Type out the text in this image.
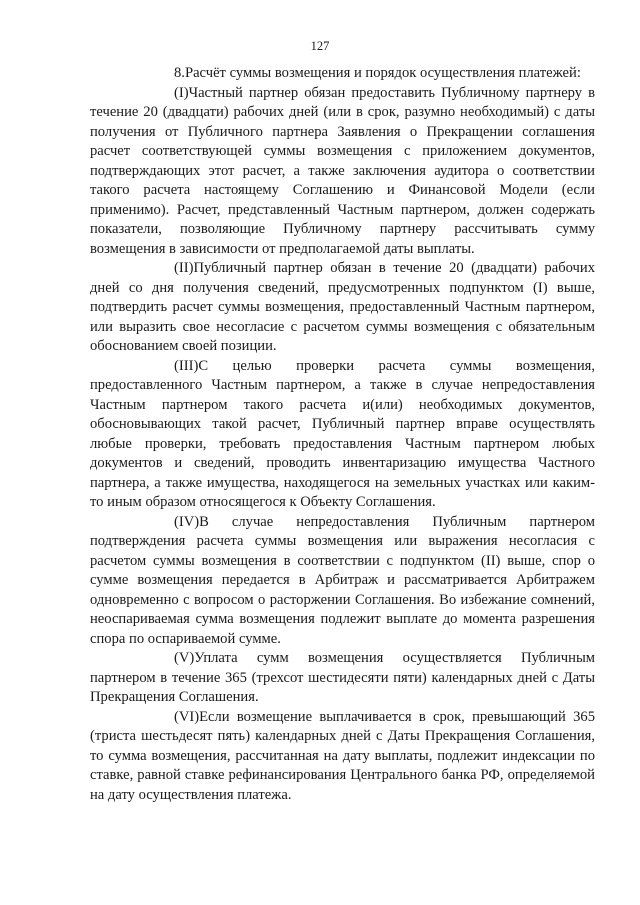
127

8.Расчёт суммы возмещения и порядок осуществления платежей:

(I)Частный партнер обязан предоставить Публичному партнеру в течение 20 (двадцати) рабочих дней (или в срок, разумно необходимый) с даты получения от Публичного партнера Заявления о Прекращении соглашения расчет соответствующей суммы возмещения с приложением документов, подтверждающих этот расчет, а также заключения аудитора о соответствии такого расчета настоящему Соглашению и Финансовой Модели (если применимо). Расчет, представленный Частным партнером, должен содержать показатели, позволяющие Публичному партнеру рассчитывать сумму возмещения в зависимости от предполагаемой даты выплаты.

(II)Публичный партнер обязан в течение 20 (двадцати) рабочих дней со дня получения сведений, предусмотренных подпунктом (I) выше, подтвердить расчет суммы возмещения, предоставленный Частным партнером, или выразить свое несогласие с расчетом суммы возмещения с обязательным обоснованием своей позиции.

(III)С целью проверки расчета суммы возмещения, предоставленного Частным партнером, а также в случае непредоставления Частным партнером такого расчета и(или) необходимых документов, обосновывающих такой расчет, Публичный партнер вправе осуществлять любые проверки, требовать предоставления Частным партнером любых документов и сведений, проводить инвентаризацию имущества Частного партнера, а также имущества, находящегося на земельных участках или каким-то иным образом относящегося к Объекту Соглашения.

(IV)В случае непредоставления Публичным партнером подтверждения расчета суммы возмещения или выражения несогласия с расчетом суммы возмещения в соответствии с подпунктом (II) выше, спор о сумме возмещения передается в Арбитраж и рассматривается Арбитражем одновременно с вопросом о расторжении Соглашения. Во избежание сомнений, неоспариваемая сумма возмещения подлежит выплате до момента разрешения спора по оспариваемой сумме.

(V)Уплата сумм возмещения осуществляется Публичным партнером в течение 365 (трехсот шестидесяти пяти) календарных дней с Даты Прекращения Соглашения.

(VI)Если возмещение выплачивается в срок, превышающий 365 (триста шестьдесят пять) календарных дней с Даты Прекращения Соглашения, то сумма возмещения, рассчитанная на дату выплаты, подлежит индексации по ставке, равной ставке рефинансирования Центрального банка РФ, определяемой на дату осуществления платежа.
